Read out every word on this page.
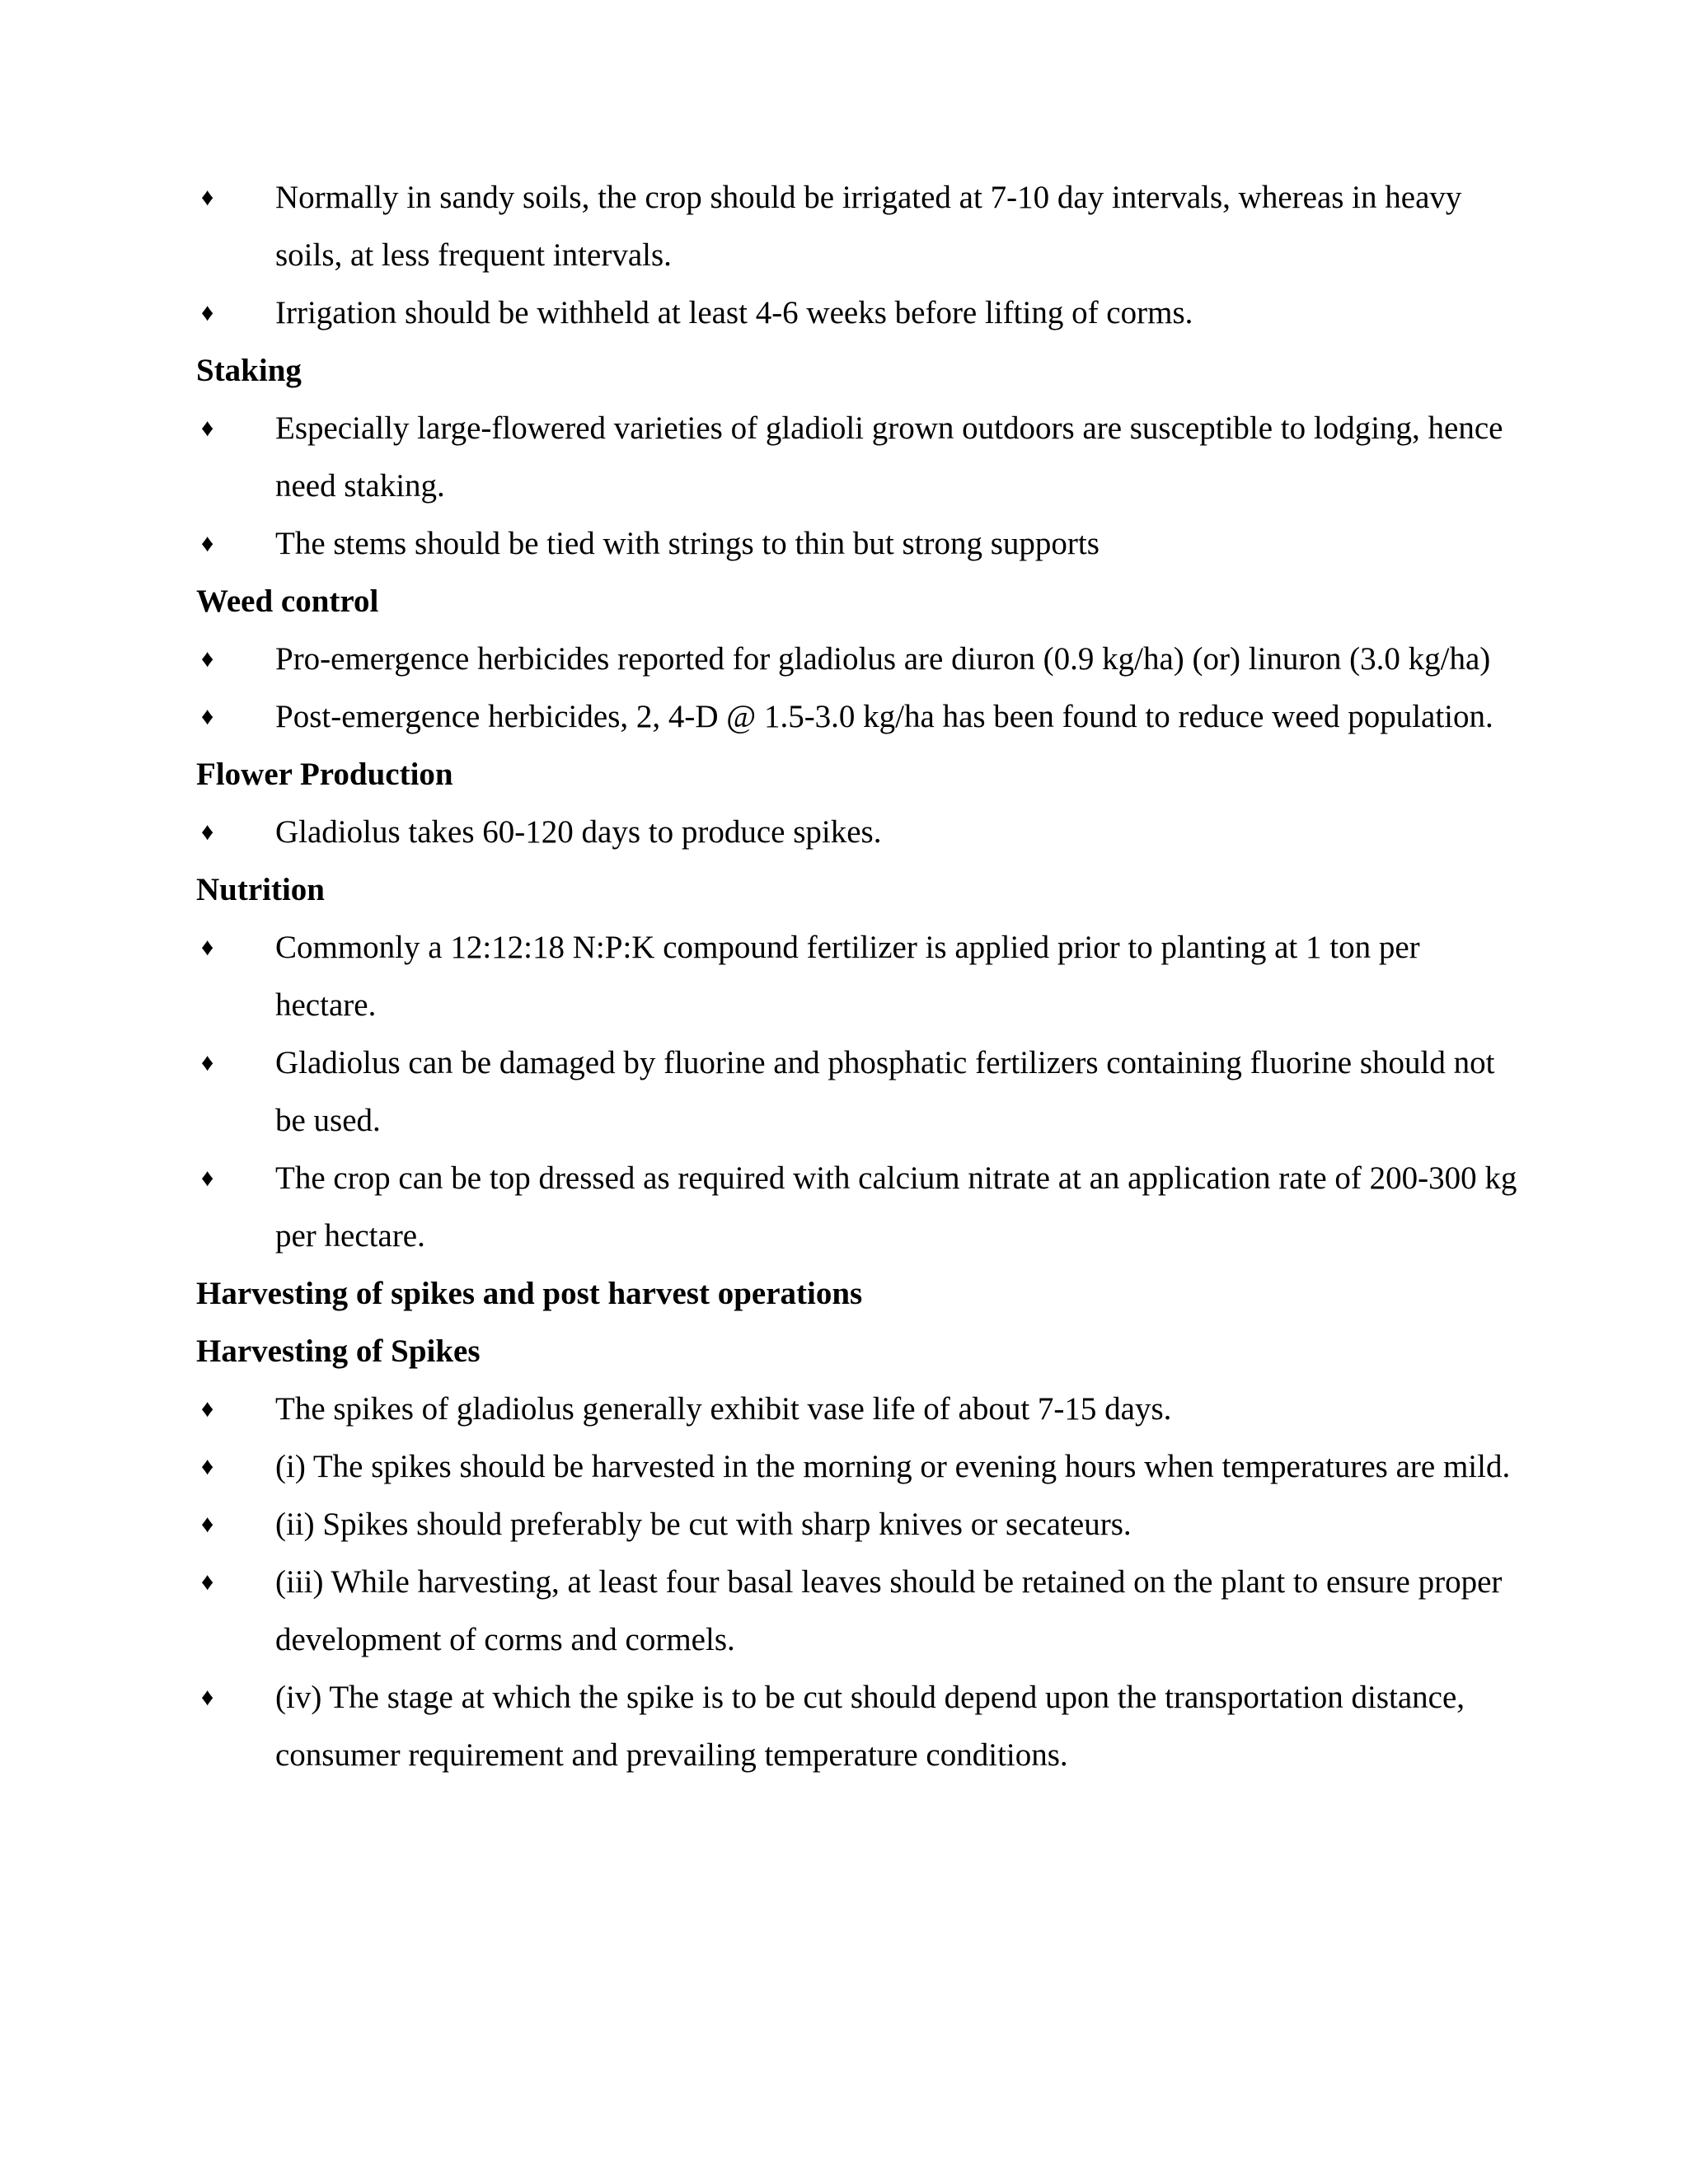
♦ Normally in sandy soils, the crop should be irrigated at 7-10 day intervals, whereas in heavy soils, at less frequent intervals.
♦ Irrigation should be withheld at least 4-6 weeks before lifting of corms.
Staking
♦ Especially large-flowered varieties of gladioli grown outdoors are susceptible to lodging, hence need staking.
♦ The stems should be tied with strings to thin but strong supports
Weed control
♦ Pro-emergence herbicides reported for gladiolus are diuron (0.9 kg/ha) (or) linuron (3.0 kg/ha)
♦ Post-emergence herbicides, 2, 4-D @ 1.5-3.0 kg/ha has been found to reduce weed population.
Flower Production
♦ Gladiolus takes 60-120 days to produce spikes.
Nutrition
♦ Commonly a 12:12:18 N:P:K compound fertilizer is applied prior to planting at 1 ton per hectare.
♦ Gladiolus can be damaged by fluorine and phosphatic fertilizers containing fluorine should not be used.
♦ The crop can be top dressed as required with calcium nitrate at an application rate of 200-300 kg per hectare.
Harvesting of spikes and post harvest operations
Harvesting of Spikes
♦ The spikes of gladiolus generally exhibit vase life of about 7-15 days.
♦ (i) The spikes should be harvested in the morning or evening hours when temperatures are mild.
♦ (ii) Spikes should preferably be cut with sharp knives or secateurs.
♦ (iii) While harvesting, at least four basal leaves should be retained on the plant to ensure proper development of corms and cormels.
♦ (iv) The stage at which the spike is to be cut should depend upon the transportation distance, consumer requirement and prevailing temperature conditions.
